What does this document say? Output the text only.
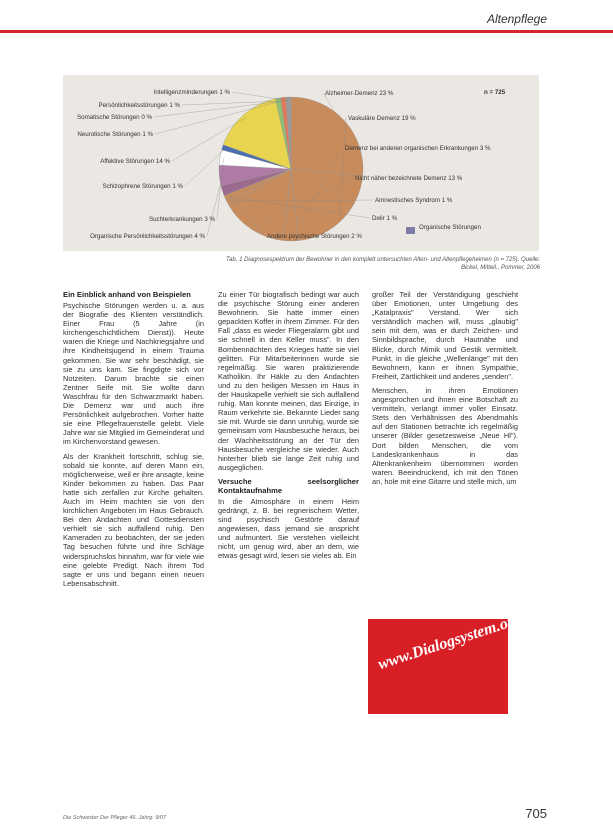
Altenpflege
n = 725
Organische Störungen
Alzheimer-Demenz 23 %
Vaskuläre Demenz 19 %
Demenz bei anderen organischen Erkrankungen 3 %
Nicht näher bezeichnete Demenz 13 %
Amnestisches Syndrom 1 %
Delir 1 %
Andere psychische Störungen 2 %
Organische Persönlichkeitsstörungen 4 %
Suchterkrankungen 3 %
Schizophrene Störungen 1 %
Affektive Störungen 14 %
Neurotische Störungen 1 %
Somatische Störungen 0 %
Persönlichkeitsstörungen 1 %
Intelligenzminderungen 1 %
Tab. 1 Diagnosespektrum der Bewohner in den komplett untersuchten Alten- und Altenpflegeheimen (n = 725). Quelle: Bickel, Mitteil., Pommer, 2006
Ein Einblick anhand von Beispielen

Psychische Störungen werden u. a. aus der Biografie des Klienten verständlich. Einer Frau (5 Jahre (in kirchengeschichtlichem Dienst)). Heute waren die Kriege und Nachkriegsjahre und ihre Kindheitsjugend in einem Trauma gekommen. Sie war sehr beschädigt, sie sie zu uns kam. Sie fingdigte sich vor Notzeiten. Darum brachte sie einen Zentner Seife mit. Sie wollte dann Waschfrau für den Schwarzmarkt haben. Die Demenz war und auch ihre Persönlichkeit aufgebrochen. Vorher hatte sie eine Pflegefrauenstelle gelebt. Viele Jahre war sie Mitglied im Gemeinderat und im Kirchenvorstand gewesen.

Als der Krankheit fortschritt, schlug sie, sobald sie konnte, auf deren Mann ein, möglicherweise, weil er ihre ansagte, keine Kinder bekommen zu haben. Das Paar hatte sich zerfallen zur Kirche gehalten. Auch im Heim machten sie von den kirchlichen Angeboten im Haus Gebrauch. Bei den Andachten und Gottesdiensten verhielt sie sich auffallend ruhig. Den Kameraden zu beobachten, der sie jeden Tag besuchen führte und ihre Schläge widerspruchslos hinnahm, war für viele wie eine gelebte Predigt. Nach ihrem Tod sagte er uns und begann einen neuen Lebensabschnitt.

Zu einer Tür biografisch bedingt war auch die psychische Störung einer anderen Bewohnerin. Sie hatte immer einen gepackten Koffer in ihrem Zimmer. Für den Fall „dass es wieder Fliegeralarm gibt und sie schnell in den Keller muss". In den Bombennächten des Krieges hatte sie viel gelitten. Für Mitarbeiterinnen wurde sie regelmäßig. Sie waren praktizierende Katholikin. Ihr Häkle zu den Andachten und zu den heiligen Messen im Haus in der Hauskapelle verhielt sie sich auffallend ruhig. Man konnte meinen, das Einzige, in Raum verkehrte sie. Bekannte Lieder sang sie mit. Wurde sie dann unruhig, wurde sie gemeinsam vom Hausbesuche heraus, bei der Wachheitsstörung an der Tür den Hausbesuche vergleiche sie wieder. Auch hinterher blieb sie lange Zeit ruhig und ausgeglichen.

Versuche seelsorglicher Kontaktaufnahme

In die Atmosphäre in einem Heim gedrängt, z. B. bei regnerischem Wetter, sind psychisch Gestörte darauf angewiesen, dass jemand sie anspricht und aufmuntert. Sie verstehen vielleicht nicht, um genug wird, aber an dem, wie etwas gesagt wird, lesen sie vieles ab. Ein

großer Teil der Verständigung geschieht über Emotionen, unter Umgebung des „Katalpraxis" Verstand. Wer sich verständlich machen will, muss „glaubig" sein mit dem, was er durch Zeichen- und Sinnbildsprache, durch Hautnähe und Blicke, durch Mimik und Gestik vermittelt. Punkt, in die gleiche „Wellenlänge" mit den Bewohnern, kann er ihnen Sympathie, Freiheit, Zärtlichkeit und anderes „senden".

Menschen, in ihren Emotionen angesprochen und ihnen eine Botschaft zu vermitteln, verlangt immer voller Einsatz. Stets den Verhältnissen des Abendmahls auf den Stationen betrachte ich regelmäßig unserer (Bilder gesetzesweise „Neue Hl"). Dort bilden Menschen, die vom Landeskrankenhaus in das Altenkrankenheim übernommen worden waren. Beeindruckend, ich mit den Tönen an, hole mit eine Gitarre und stelle mich, um

www.Dialogsystem.org
Die Schwester Der Pfleger 46. Jahrg. 9/07	705
